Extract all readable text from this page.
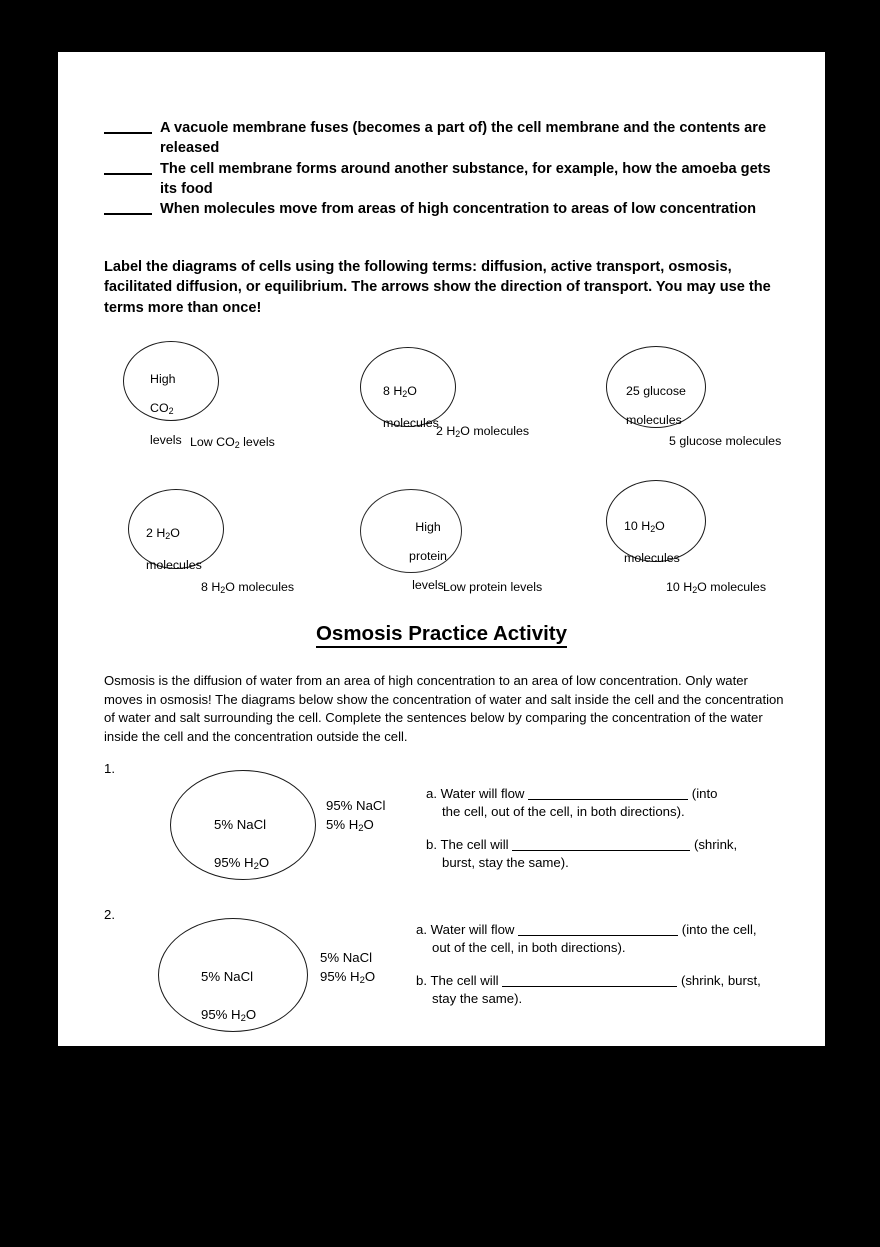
A vacuole membrane fuses (becomes a part of) the cell membrane and the contents are released
The cell membrane forms around another substance, for example, how the amoeba gets its food
When molecules move from areas of high concentration to areas of low concentration
Label the diagrams of cells using the following terms: diffusion, active transport, osmosis, facilitated diffusion, or equilibrium. The arrows show the direction of transport. You may use the terms more than once!

High

$CO_2$

levels Low $CO_2$ levels

8 $H_2O$

molecules

2 $H_2O$ molecules

25 glucose

molecules

5 glucose molecules

2 $H_2O$

molecules

8 $H_2O$ molecules

High

protein

levels Low protein levels

10 $H_2O$

molecules

10 $H_2O$ molecules
Osmosis Practice Activity
Osmosis is the diffusion of water from an area of high concentration to an area of low concentration. Only water moves in osmosis! The diagrams below show the concentration of water and salt inside the cell and the concentration of water and salt surrounding the cell. Complete the sentences below by comparing the concentration of the water inside the cell and the concentration outside the cell.
1.

5% NaCl

95% $H_2O$

95% NaCl
5% $H_2O$
a. Water will flow	(into
the cell, out of the cell, in both directions).
b. The cell will	(shrink,
burst, stay the same).
2.

5% NaCl

95% $H_2O$

5% NaCl
95% $H_2O$
a. Water will flow	(into the cell,
out of the cell, in both directions).
b. The cell will	(shrink, burst,
stay the same).
